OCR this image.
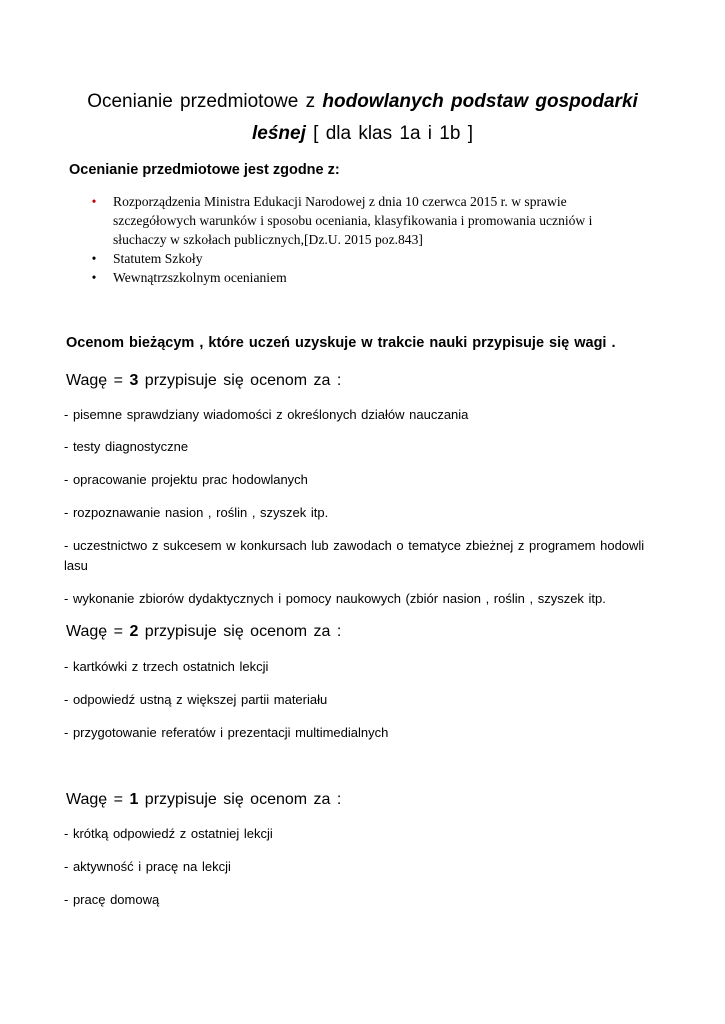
Ocenianie przedmiotowe z hodowlanych podstaw gospodarki leśnej [ dla klas 1a i 1b ]
Ocenianie przedmiotowe jest zgodne z:
• Rozporządzenia Ministra Edukacji Narodowej z dnia 10 czerwca 2015 r. w sprawie szczegółowych warunków i sposobu oceniania, klasyfikowania i promowania uczniów i słuchaczy w szkołach publicznych,[Dz.U. 2015 poz.843]
• Statutem Szkoły
• Wewnątrzszkolnym ocenianiem
Ocenom bieżącym , które uczeń uzyskuje w trakcie nauki przypisuje się wagi .
Wagę = 3 przypisuje się ocenom za :
- pisemne sprawdziany wiadomości z określonych działów nauczania
- testy diagnostyczne
- opracowanie projektu prac hodowlanych
- rozpoznawanie nasion , roślin , szyszek itp.
- uczestnictwo z sukcesem w konkursach lub zawodach o tematyce zbieżnej z programem hodowli lasu
- wykonanie zbiorów dydaktycznych i pomocy naukowych (zbiór nasion , roślin , szyszek itp.
Wagę = 2 przypisuje się ocenom za :
- kartkówki z trzech ostatnich lekcji
- odpowiedź ustną z większej partii materiału
- przygotowanie referatów i prezentacji multimedialnych
Wagę = 1 przypisuje się ocenom za :
- krótką odpowiedź z ostatniej lekcji
- aktywność i pracę na lekcji
- pracę domową
